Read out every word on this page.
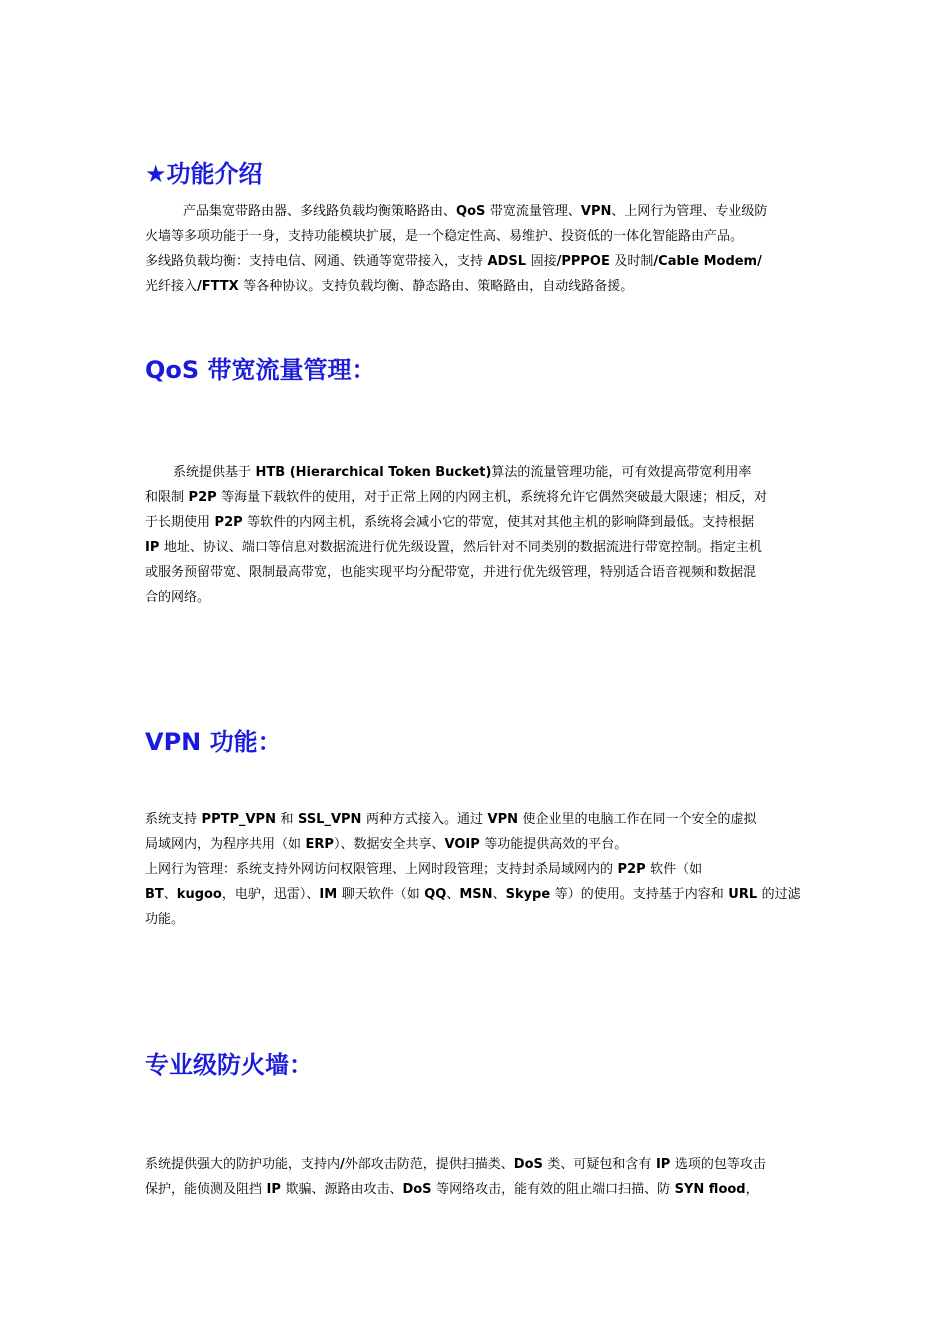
★功能介绍
产品集宽带路由器、多线路负载均衡策略路由、QoS 带宽流量管理、VPN、上网行为管理、专业级防
火墙等多项功能于一身，支持功能模块扩展，是一个稳定性高、易维护、投资低的一体化智能路由产品。
多线路负载均衡：支持电信、网通、铁通等宽带接入，支持 ADSL 固接/PPPOE 及时制/Cable Modem/
光纤接入/FTTX 等各种协议。支持负载均衡、静态路由、策略路由，自动线路备援。
QoS 带宽流量管理：
系统提供基于 HTB (Hierarchical Token Bucket)算法的流量管理功能，可有效提高带宽利用率
和限制 P2P 等海量下载软件的使用，对于正常上网的内网主机，系统将允许它偶然突破最大限速；相反，对
于长期使用 P2P 等软件的内网主机，系统将会减小它的带宽，使其对其他主机的影响降到最低。支持根据
IP 地址、协议、端口等信息对数据流进行优先级设置，然后针对不同类别的数据流进行带宽控制。指定主机
或服务预留带宽、限制最高带宽，也能实现平均分配带宽，并进行优先级管理，特别适合语音视频和数据混
合的网络。
VPN 功能：
系统支持 PPTP_VPN 和 SSL_VPN 两种方式接入。通过 VPN 使企业里的电脑工作在同一个安全的虚拟
局域网内，为程序共用（如 ERP）、数据安全共享、VOIP 等功能提供高效的平台。
上网行为管理：系统支持外网访问权限管理、上网时段管理；支持封杀局域网内的 P2P 软件（如
BT、kugoo，电驴，迅雷）、IM 聊天软件（如 QQ、MSN、Skype 等）的使用。支持基于内容和 URL 的过滤
功能。
专业级防火墙：
系统提供强大的防护功能，支持内/外部攻击防范，提供扫描类、DoS 类、可疑包和含有 IP 选项的包等攻击
保护，能侦测及阻挡 IP 欺骗、源路由攻击、DoS 等网络攻击，能有效的阻止端口扫描、防 SYN flood，
